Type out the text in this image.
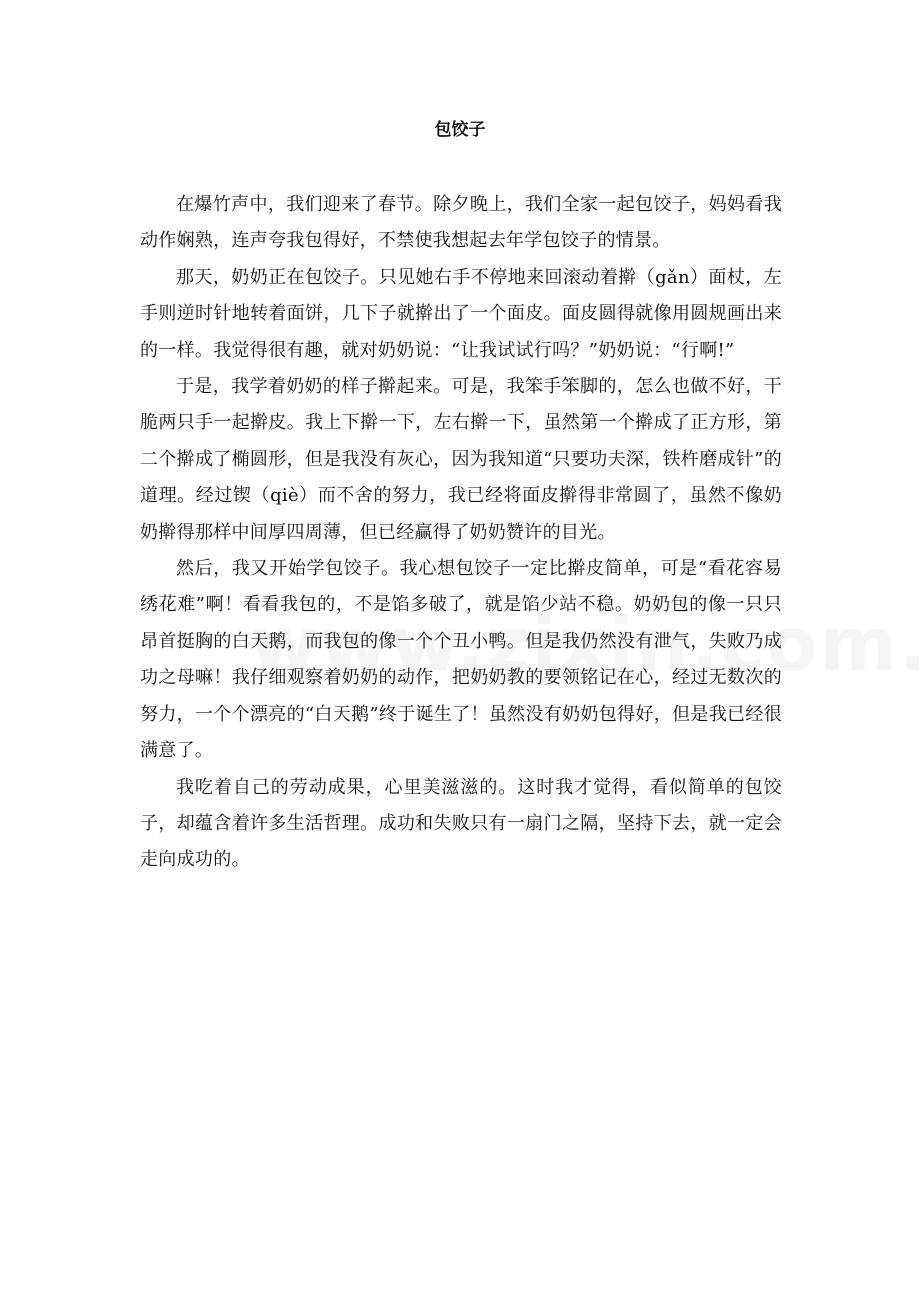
包饺子

在爆竹声中，我们迎来了春节。除夕晚上，我们全家一起包饺子，妈妈看我动作娴熟，连声夸我包得好，不禁使我想起去年学包饺子的情景。

那天，奶奶正在包饺子。只见她右手不停地来回滚动着擀（gǎn）面杖，左手则逆时针地转着面饼，几下子就擀出了一个面皮。面皮圆得就像用圆规画出来的一样。我觉得很有趣，就对奶奶说：“让我试试行吗？”奶奶说：“行啊!”

于是，我学着奶奶的样子擀起来。可是，我笨手笨脚的，怎么也做不好，干脆两只手一起擀皮。我上下擀一下，左右擀一下，虽然第一个擀成了正方形，第二个擀成了椭圆形，但是我没有灰心，因为我知道“只要功夫深，铁杵磨成针”的道理。经过锲（qiè）而不舍的努力，我已经将面皮擀得非常圆了，虽然不像奶奶擀得那样中间厚四周薄，但已经赢得了奶奶赞许的目光。

然后，我又开始学包饺子。我心想包饺子一定比擀皮简单，可是“看花容易绣花难”啊！看看我包的，不是馅多破了，就是馅少站不稳。奶奶包的像一只只昂首挺胸的白天鹅，而我包的像一个个丑小鸭。但是我仍然没有泄气，失败乃成功之母嘛！我仔细观察着奶奶的动作，把奶奶教的要领铭记在心，经过无数次的努力，一个个漂亮的“白天鹅”终于诞生了！虽然没有奶奶包得好，但是我已经很满意了。

我吃着自己的劳动成果，心里美滋滋的。这时我才觉得，看似简单的包饺子，却蕴含着许多生活哲理。成功和失败只有一扇门之隔，坚持下去，就一定会走向成功的。
